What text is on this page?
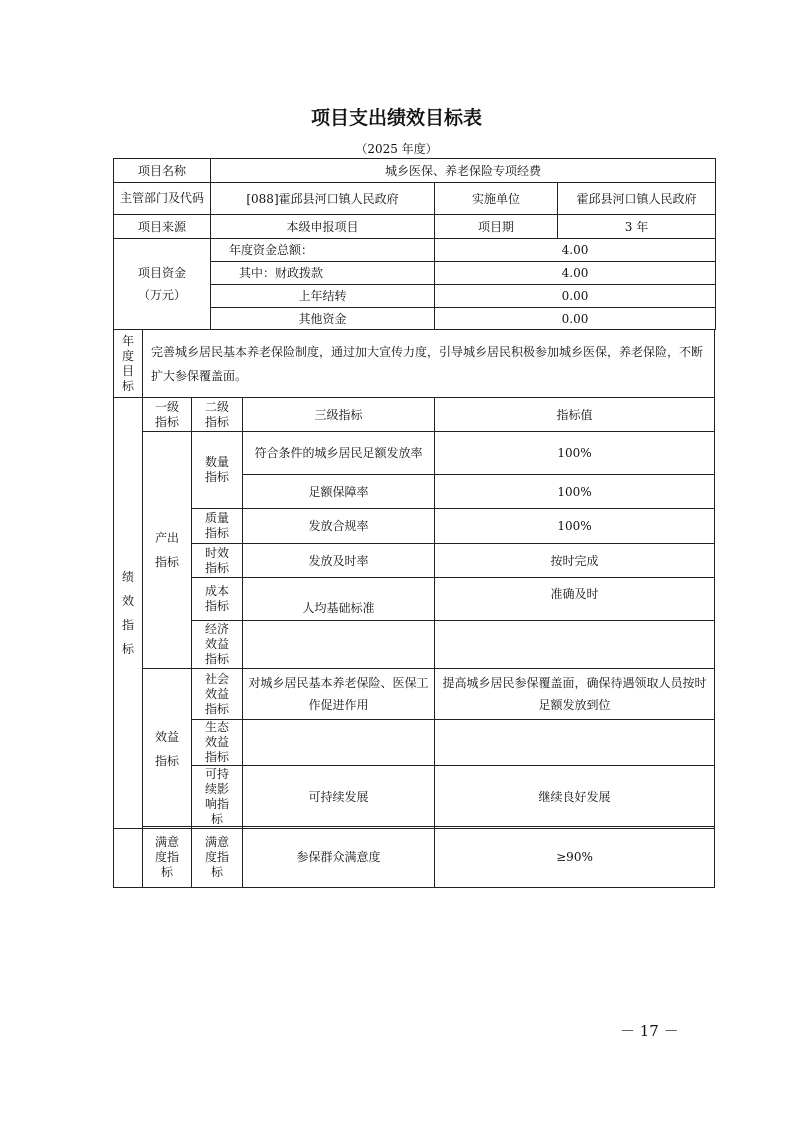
项目支出绩效目标表
（2025 年度）
项目名称	城乡医保、养老保险专项经费		
主管部门及代码	[088]霍邱县河口镇人民政府	实施单位	霍邱县河口镇人民政府
项目来源	本级申报项目	项目期	3 年

项目资金
（万元）	年度资金总额：	4.00	
	其中：财政拨款	4.00	
	上年结转	0.00	
	其他资金	0.00	
年度目标	完善城乡居民基本养老保险制度，通过加大宣传力度，引导城乡居民积极参加城乡医保，养老保险，不断扩大参保覆盖面。
绩效指标	一级指标	二级指标	三级指标	指标值
	产出指标	数量指标	符合条件的城乡居民足额发放率	100%
			足额保障率	100%
		质量指标	发放合规率	100%
		时效指标	发放及时率	按时完成
		成本指标	人均基础标准	准确及时
		经济效益指标		
	效益指标	社会效益指标	对城乡居民基本养老保险、医保工作促进作用	提高城乡居民参保覆盖面，确保待遇领取人员按时足额发放到位
		生态效益指标		
		可持续影响指标	可持续发展	继续良好发展

	满意度指标	满意度指标	参保群众满意度	≥90%
－ 17 －
